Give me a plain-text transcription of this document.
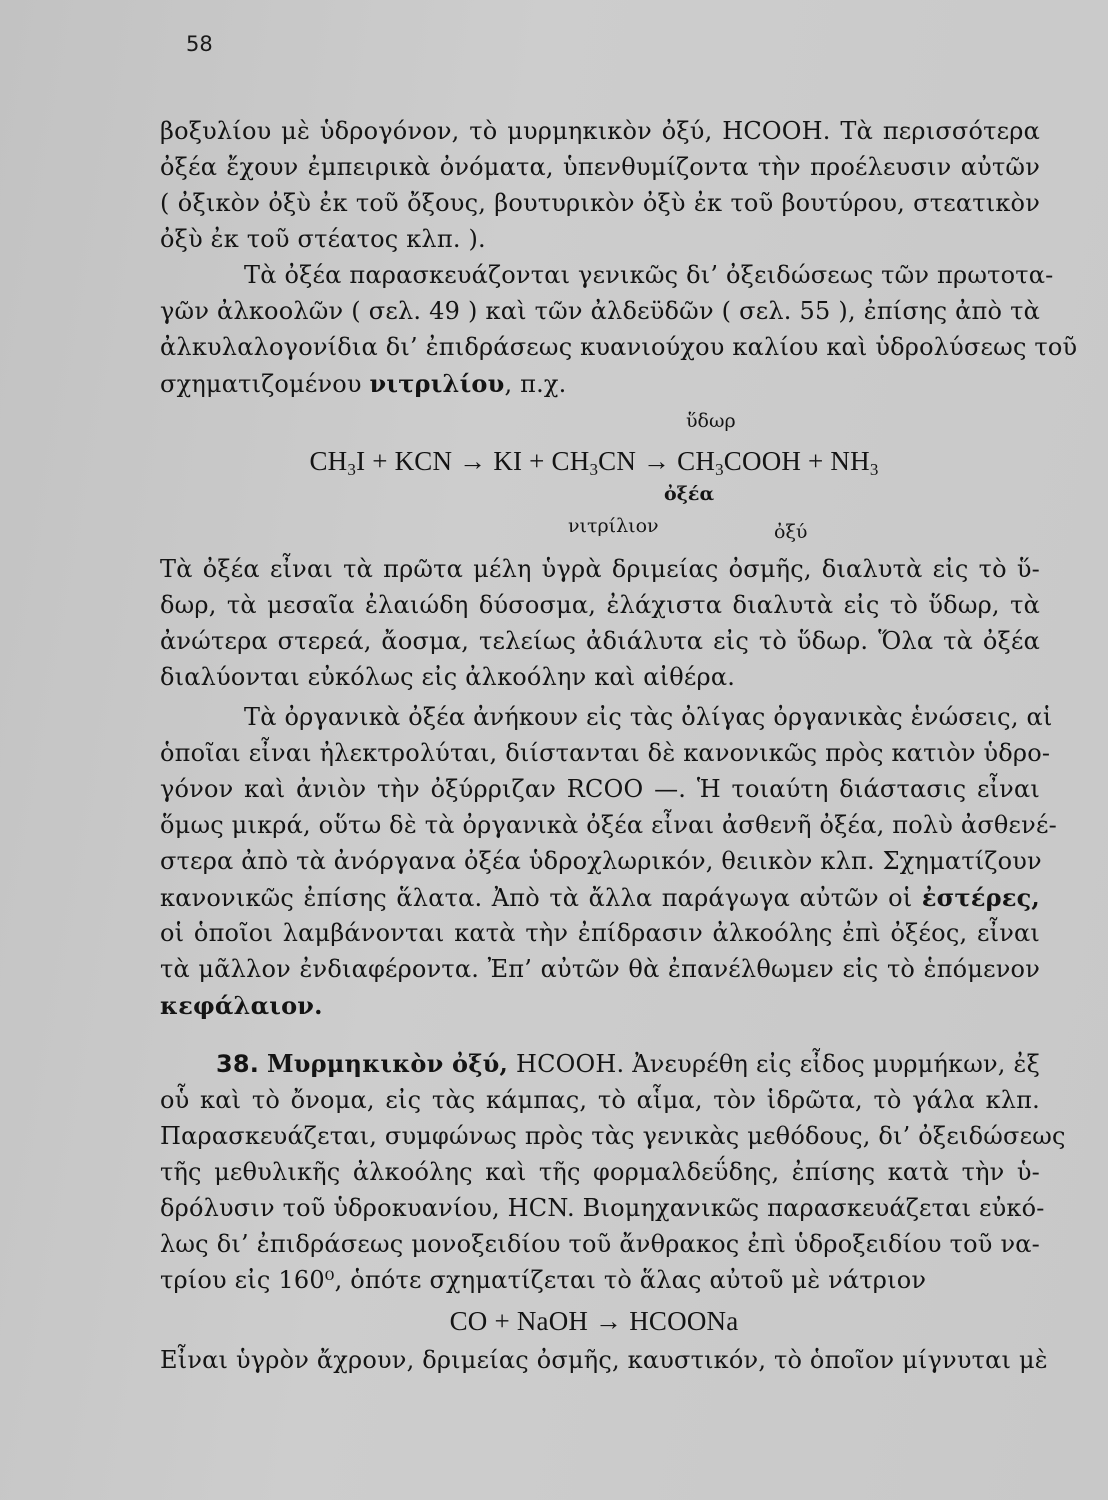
58
βοξυλίου μὲ ὑδρογόνον, τὸ μυρμηκικὸν ὀξύ, HCOOH. Τὰ περισσότερα
ὀξέα ἔχουν ἐμπειρικὰ ὀνόματα, ὑπενθυμίζοντα τὴν προέλευσιν αὐτῶν
( ὀξικὸν ὀξὺ ἐκ τοῦ ὄξους, βουτυρικὸν ὀξὺ ἐκ τοῦ βουτύρου, στεατικὸν
ὀξὺ ἐκ τοῦ στέατος κλπ. ).
Τὰ ὀξέα παρασκευάζονται γενικῶς δι’ ὀξειδώσεως τῶν πρωτοτα-
γῶν ἀλκοολῶν ( σελ. 49 ) καὶ τῶν ἀλδεϋδῶν ( σελ. 55 ), ἐπίσης ἀπὸ τὰ
ἀλκυλαλογονίδια δι’ ἐπιδράσεως κυανιούχου καλίου καὶ ὑδρολύσεως τοῦ
σχηματιζομένου νιτριλίου, π.χ.
ὕδωρ
$CH_3I$ + KCN → KI + $CH_3CN$ → $CH_3COOH + NH_3$
ὀξέα
νιτρίλιον	ὀξύ
Τὰ ὀξέα εἶναι τὰ πρῶτα μέλη ὑγρὰ δριμείας ὀσμῆς, διαλυτὰ εἰς τὸ ὕ-
δωρ, τὰ μεσαῖα ἐλαιώδη δύσοσμα, ἐλάχιστα διαλυτὰ εἰς τὸ ὕδωρ, τὰ
ἀνώτερα στερεά, ἄοσμα, τελείως ἀδιάλυτα εἰς τὸ ὕδωρ. Ὅλα τὰ ὀξέα
διαλύονται εὐκόλως εἰς ἀλκοόλην καὶ αἰθέρα.
Τὰ ὀργανικὰ ὀξέα ἀνήκουν εἰς τὰς ὀλίγας ὀργανικὰς ἑνώσεις, αἱ
ὁποῖαι εἶναι ἠλεκτρολύται, διίστανται δὲ κανονικῶς πρὸς κατιὸν ὑδρο-
γόνον καὶ ἀνιὸν τὴν ὀξύρριζαν RCOO —. Ἡ τοιαύτη διάστασις εἶναι
ὅμως μικρά, οὕτω δὲ τὰ ὀργανικὰ ὀξέα εἶναι ἀσθενῆ ὀξέα, πολὺ ἀσθενέ-
στερα ἀπὸ τὰ ἀνόργανα ὀξέα ὑδροχλωρικόν, θειικὸν κλπ. Σχηματίζουν
κανονικῶς ἐπίσης ἅλατα. Ἀπὸ τὰ ἄλλα παράγωγα αὐτῶν οἱ ἐστέρες,
οἱ ὁποῖοι λαμβάνονται κατὰ τὴν ἐπίδρασιν ἀλκοόλης ἐπὶ ὀξέος, εἶναι
τὰ μᾶλλον ἐνδιαφέροντα. Ἐπ’ αὐτῶν θὰ ἐπανέλθωμεν εἰς τὸ ἑπόμενον
κεφάλαιον.
38. Μυρμηκικὸν ὀξύ, HCOOH. Ἀνευρέθη εἰς εἶδος μυρμήκων, ἐξ
οὗ καὶ τὸ ὄνομα, εἰς τὰς κάμπας, τὸ αἷμα, τὸν ἱδρῶτα, τὸ γάλα κλπ.
Παρασκευάζεται, συμφώνως πρὸς τὰς γενικὰς μεθόδους, δι’ ὀξειδώσεως
τῆς μεθυλικῆς ἀλκοόλης καὶ τῆς φορμαλδεΰδης, ἐπίσης κατὰ τὴν ὑ-
δρόλυσιν τοῦ ὑδροκυανίου, HCN. Βιομηχανικῶς παρασκευάζεται εὐκό-
λως δι’ ἐπιδράσεως μονοξειδίου τοῦ ἄνθρακος ἐπὶ ὑδροξειδίου τοῦ να-
τρίου εἰς 160⁰, ὁπότε σχηματίζεται τὸ ἅλας αὐτοῦ μὲ νάτριον
CO + NaOH → HCOONa
Εἶναι ὑγρὸν ἄχρουν, δριμείας ὀσμῆς, καυστικόν, τὸ ὁποῖον μίγνυται μὲ
